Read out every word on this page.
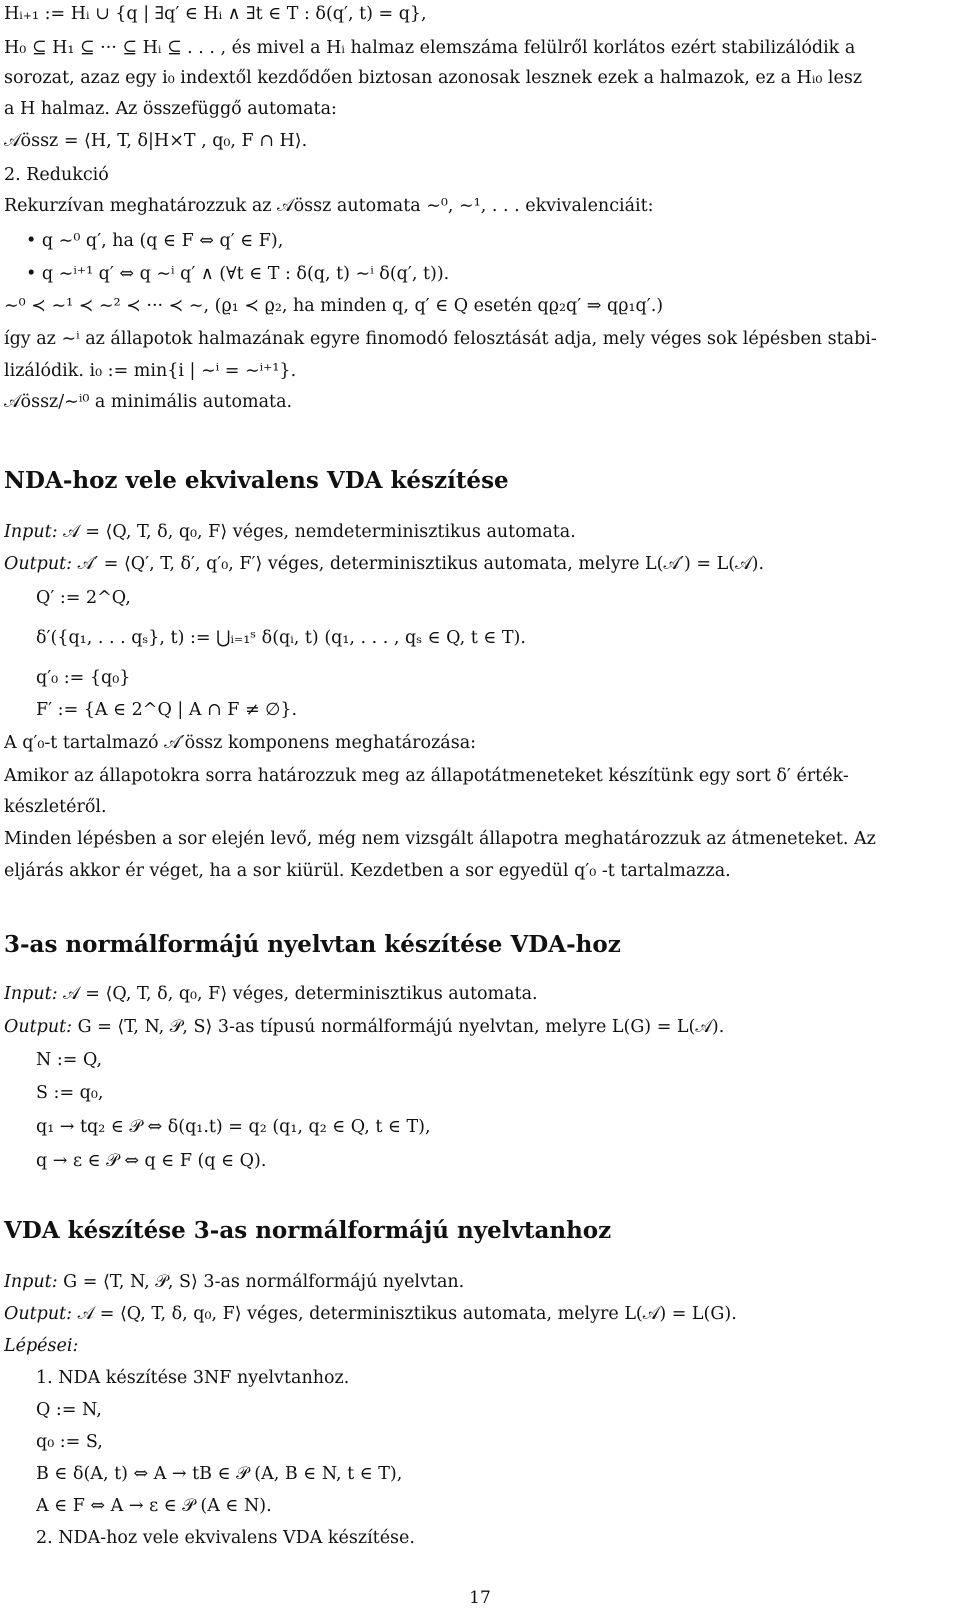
Hᵢ₊₁ := Hᵢ ∪ {q | ∃q′ ∈ Hᵢ ∧ ∃t ∈ T : δ(q′, t) = q},
H₀ ⊆ H₁ ⊆ ··· ⊆ Hᵢ ⊆ . . . , és mivel a Hᵢ halmaz elemszáma felülről korlátos ezért stabilizálódik a
sorozat, azaz egy i₀ indextől kezdődően biztosan azonosak lesznek ezek a halmazok, ez a Hᵢ₀ lesz
a H halmaz. Az összefüggő automata:
𝒜össz = ⟨H, T, δ|H×T , q₀, F ∩ H⟩.
2. Redukció
Rekurzívan meghatározzuk az 𝒜össz automata ∼⁰, ∼¹, . . . ekvivalenciáit:
• q ∼⁰ q′, ha (q ∈ F ⇔ q′ ∈ F),
• q ∼ⁱ⁺¹ q′ ⇔ q ∼ⁱ q′ ∧ (∀t ∈ T : δ(q, t) ∼ⁱ δ(q′, t)).
∼⁰ ≺ ∼¹ ≺ ∼² ≺ ··· ≺ ∼, (ϱ₁ ≺ ϱ₂, ha minden q, q′ ∈ Q esetén qϱ₂q′ ⇒ qϱ₁q′.)
így az ∼ⁱ az állapotok halmazának egyre finomodó felosztását adja, mely véges sok lépésben stabi-
lizálódik. i₀ := min{i | ∼ⁱ = ∼ⁱ⁺¹}.
𝒜össz/∼ⁱ⁰ a minimális automata.
NDA-hoz vele ekvivalens VDA készítése
Input: 𝒜 = ⟨Q, T, δ, q₀, F⟩ véges, nemdeterminisztikus automata.
Output: 𝒜′ = ⟨Q′, T, δ′, q′₀, F′⟩ véges, determinisztikus automata, melyre L(𝒜′) = L(𝒜).
Q′ := 2^Q,
δ′({q₁, . . . qₛ}, t) := ⋃ᵢ₌₁ˢ δ(qᵢ, t) (q₁, . . . , qₛ ∈ Q, t ∈ T).
q′₀ := {q₀}
F′ := {A ∈ 2^Q | A ∩ F ≠ ∅}.
A q′₀-t tartalmazó 𝒜′össz komponens meghatározása:
Amikor az állapotokra sorra határozzuk meg az állapotátmeneteket készítünk egy sort δ′ érték-
készletéről.
Minden lépésben a sor elején levő, még nem vizsgált állapotra meghatározzuk az átmeneteket. Az
eljárás akkor ér véget, ha a sor kiürül. Kezdetben a sor egyedül q′₀ -t tartalmazza.
3-as normálformájú nyelvtan készítése VDA-hoz
Input: 𝒜 = ⟨Q, T, δ, q₀, F⟩ véges, determinisztikus automata.
Output: G = ⟨T, N, 𝒫, S⟩ 3-as típusú normálformájú nyelvtan, melyre L(G) = L(𝒜).
N := Q,
S := q₀,
q₁ → tq₂ ∈ 𝒫 ⇔ δ(q₁.t) = q₂ (q₁, q₂ ∈ Q, t ∈ T),
q → ε ∈ 𝒫 ⇔ q ∈ F (q ∈ Q).
VDA készítése 3-as normálformájú nyelvtanhoz
Input: G = ⟨T, N, 𝒫, S⟩ 3-as normálformájú nyelvtan.
Output: 𝒜 = ⟨Q, T, δ, q₀, F⟩ véges, determinisztikus automata, melyre L(𝒜) = L(G).
Lépései:
1. NDA készítése 3NF nyelvtanhoz.
Q := N,
q₀ := S,
B ∈ δ(A, t) ⇔ A → tB ∈ 𝒫 (A, B ∈ N, t ∈ T),
A ∈ F ⇔ A → ε ∈ 𝒫 (A ∈ N).
2. NDA-hoz vele ekvivalens VDA készítése.
17
